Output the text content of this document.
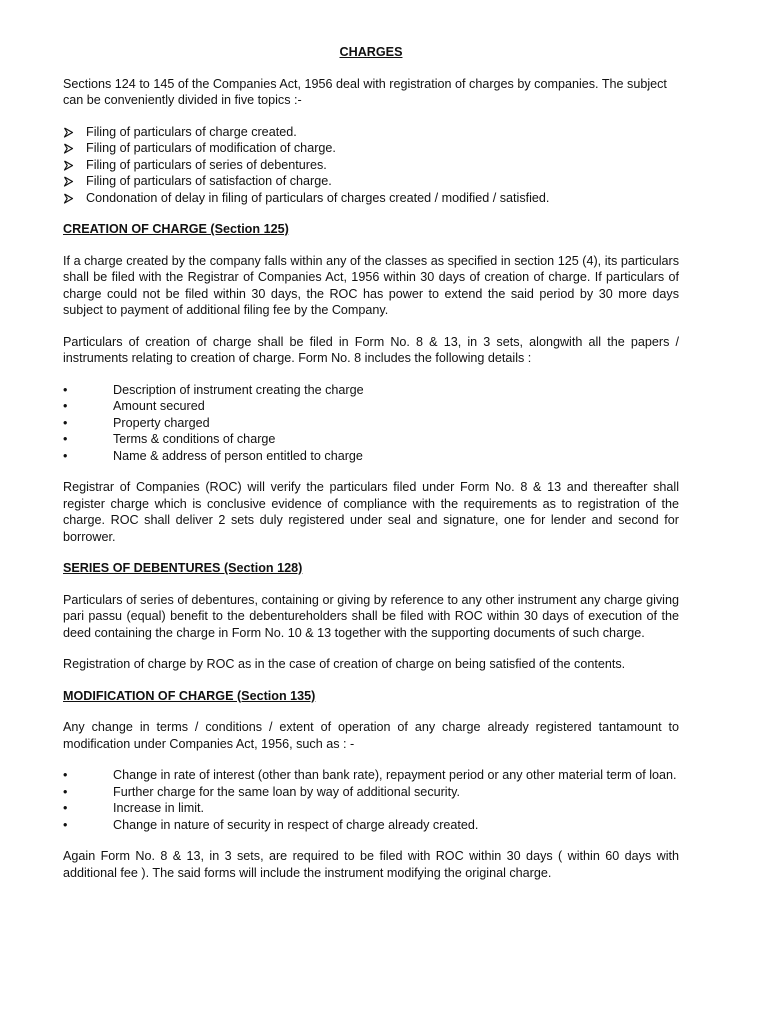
CHARGES

Sections 124 to 145 of the Companies Act, 1956 deal with registration of charges by companies. The subject can be conveniently divided in five topics :-

Filing of particulars of charge created.
Filing of particulars of modification of charge.
Filing of particulars of series of debentures.
Filing of particulars of satisfaction of charge.
Condonation of delay in filing of particulars of charges created / modified / satisfied.
CREATION OF CHARGE (Section 125)

If a charge created by the company falls within any of the classes as specified in section 125 (4), its particulars shall be filed with the Registrar of Companies Act, 1956 within 30 days of creation of charge. If particulars of charge could not be filed within 30 days, the ROC has power to extend the said period by 30 more days subject to payment of additional filing fee by the Company.

Particulars of creation of charge shall be filed in Form No. 8 & 13, in 3 sets, alongwith all the papers / instruments relating to creation of charge. Form No. 8 includes the following details :

•	Description of instrument creating the charge
•	Amount secured
•	Property charged
•	Terms & conditions of charge
•	Name & address of person entitled to charge

Registrar of Companies (ROC) will verify the particulars filed under Form No. 8 & 13 and thereafter shall register charge which is conclusive evidence of compliance with the requirements as to registration of the charge. ROC shall deliver 2 sets duly registered under seal and signature, one for lender and second for borrower.

SERIES OF DEBENTURES (Section 128)

Particulars of series of debentures, containing or giving by reference to any other instrument any charge giving pari passu (equal) benefit to the debentureholders shall be filed with ROC within 30 days of execution of the deed containing the charge in Form No. 10 & 13 together with the supporting documents of such charge.

Registration of charge by ROC as in the case of creation of charge on being satisfied of the contents.

MODIFICATION OF CHARGE (Section 135)

Any change in terms / conditions / extent of operation of any charge already registered tantamount to modification under Companies Act, 1956, such as : -

•	Change in rate of interest (other than bank rate), repayment period or any other material term of loan.
•	Further charge for the same loan by way of additional security.
•	Increase in limit.
•	Change in nature of security in respect of charge already created.

Again Form No. 8 & 13, in 3 sets, are required to be filed with ROC within 30 days ( within 60 days with additional fee ). The said forms will include the instrument modifying the original charge.
